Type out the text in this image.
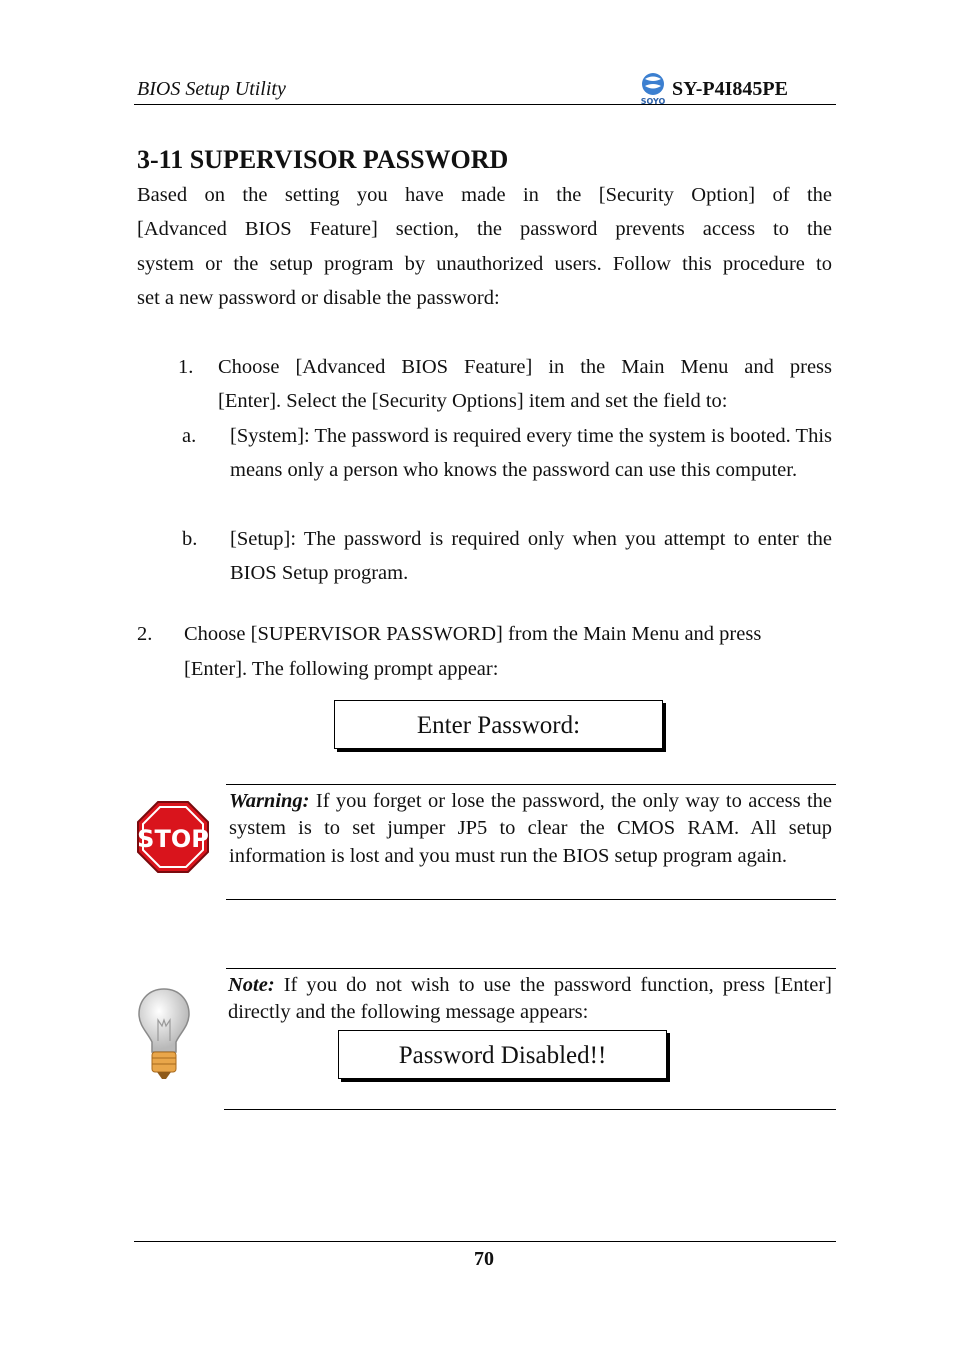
BIOS Setup Utility
SOYO
SY-P4I845PE
3-11 SUPERVISOR PASSWORD
Based on the setting you have made in the [Security Option] of the
[Advanced BIOS Feature] section, the password prevents access to the
system or the setup program by unauthorized users. Follow this procedure to
set a new password or disable the password:
1. Choose [Advanced BIOS Feature] in the Main Menu and press
[Enter]. Select the [Security Options] item and set the field to:
a. [System]: The password is required every time the system is booted. This means only a person who knows the password can use this computer.
b. [Setup]: The password is required only when you attempt to enter the BIOS Setup program.
2. Choose [SUPERVISOR PASSWORD] from the Main Menu and press
[Enter]. The following prompt appear:
Enter Password:
STOP
Warning: If you forget or lose the password, the only way to access the system is to set jumper JP5 to clear the CMOS RAM. All setup information is lost and you must run the BIOS setup program again.
Note: If you do not wish to use the password function, press [Enter] directly and the following message appears:
Password Disabled!!
70
